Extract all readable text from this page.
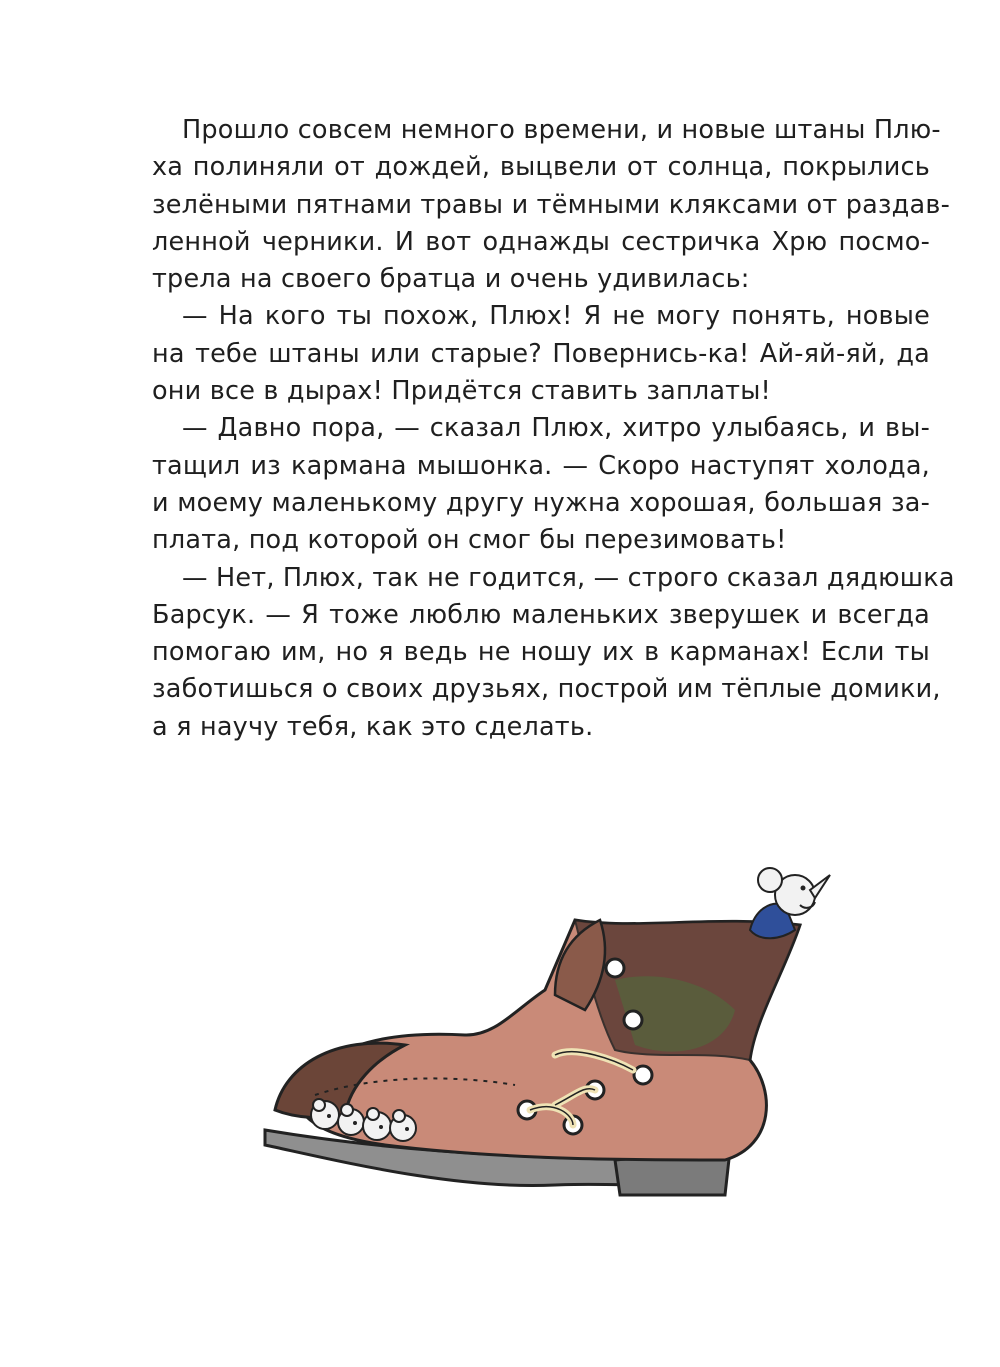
Прошло совсем немного времени, и новые штаны Плю-
ха полиняли от дождей, выцвели от солнца, покрылись
зелёными пятнами травы и тёмными кляксами от раздав-
ленной черники. И вот однажды сестричка Хрю посмо-
трела на своего братца и очень удивилась:

— На кого ты похож, Плюх! Я не могу понять, новые
на тебе штаны или старые? Повернись-ка! Ай-яй-яй, да
они все в дырах! Придётся ставить заплаты!

— Давно пора, — сказал Плюх, хитро улыбаясь, и вы-
тащил из кармана мышонка. — Скоро наступят холода,
и моему маленькому другу нужна хорошая, большая за-
плата, под которой он смог бы перезимовать!

— Нет, Плюх, так не годится, — строго сказал дядюшка
Барсук. — Я тоже люблю маленьких зверушек и всегда
помогаю им, но я ведь не ношу их в карманах! Если ты
заботишься о своих друзьях, построй им тёплые домики,
а я научу тебя, как это сделать.
